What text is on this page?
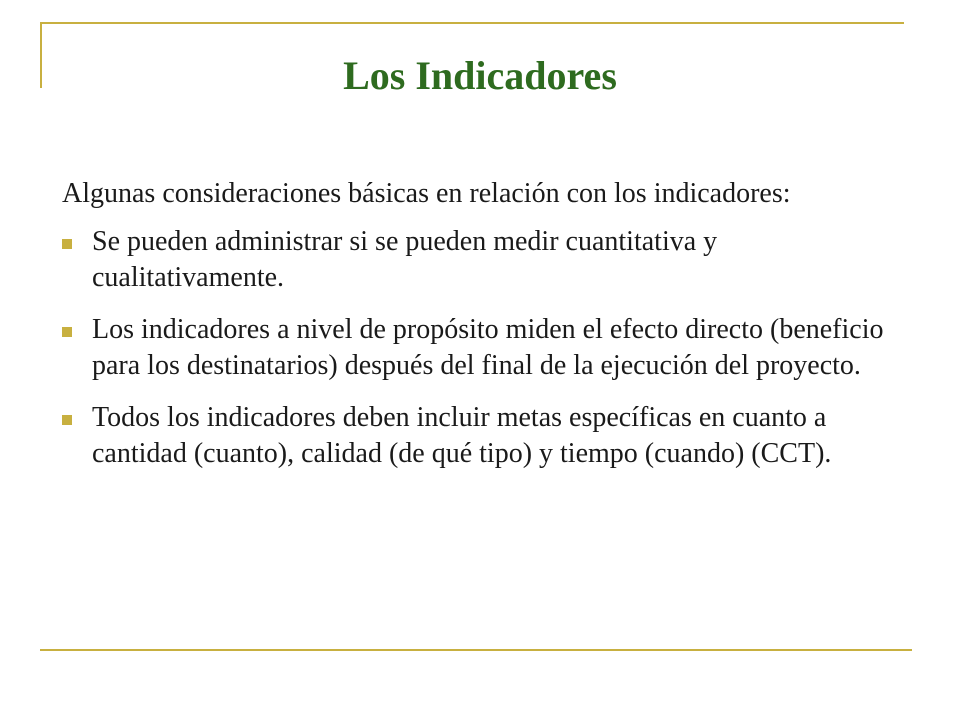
Los Indicadores
Algunas consideraciones básicas en relación con los indicadores:
Se pueden administrar si se pueden medir cuantitativa y cualitativamente.
Los indicadores a nivel de propósito miden el efecto directo (beneficio para los destinatarios) después del final de la ejecución del proyecto.
Todos los indicadores deben incluir metas específicas en cuanto a cantidad (cuanto), calidad (de qué tipo) y tiempo (cuando) (CCT).
